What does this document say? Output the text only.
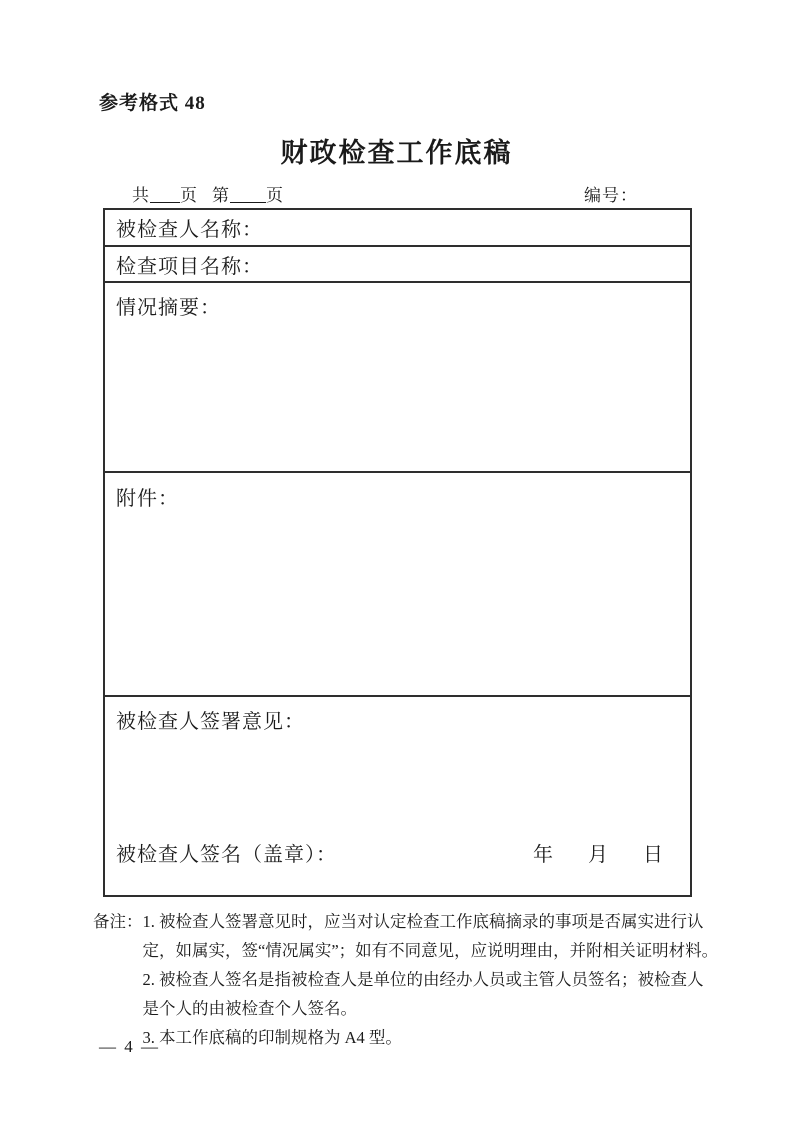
参考格式 48
财政检查工作底稿
共 页 第 页	编号：
被检查人名称：
检查项目名称：
情况摘要：
附件：
被检查人签署意见：
被检查人签名（盖章）：	年 月 日
备注： 1. 被检查人签署意见时，应当对认定检查工作底稿摘录的事项是否属实进行认
定，如属实，签“情况属实”；如有不同意见，应说明理由，并附相关证明材料。
2. 被检查人签名是指被检查人是单位的由经办人员或主管人员签名；被检查人
是个人的由被检查个人签名。
3. 本工作底稿的印制规格为 A4 型。
— 4 —
